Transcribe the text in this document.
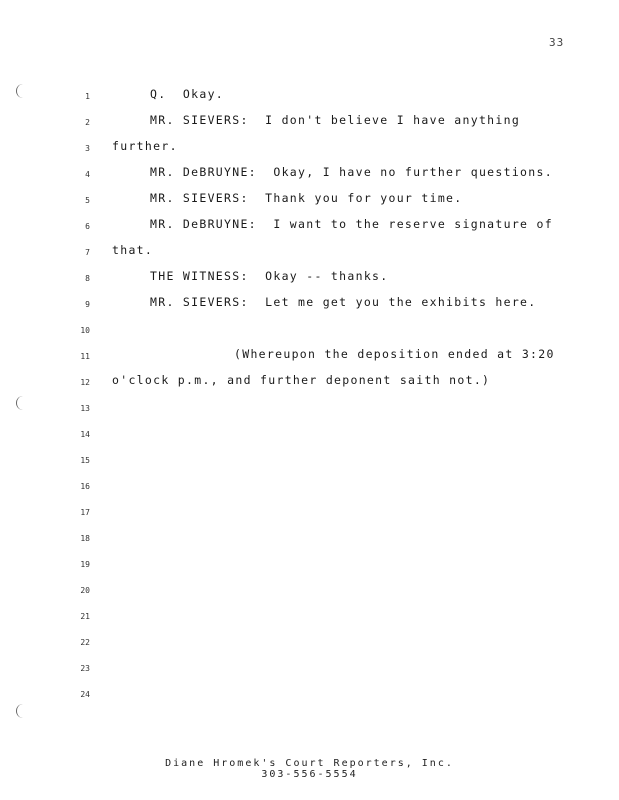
33
1	Q.  Okay.
2	MR. SIEVERS:  I don't believe I have anything
3 further.
4	MR. DeBRUYNE:  Okay, I have no further questions.
5	MR. SIEVERS:  Thank you for your time.
6	MR. DeBRUYNE:  I want to the reserve signature of
7 that.
8	THE WITNESS:  Okay -- thanks.
9	MR. SIEVERS:  Let me get you the exhibits here.
10
11	(Whereupon the deposition ended at 3:20
12 o'clock p.m., and further deponent saith not.)
13
14
15
16
17
18
19
20
21
22
23
24
Diane Hromek's Court Reporters, Inc.
303-556-5554
